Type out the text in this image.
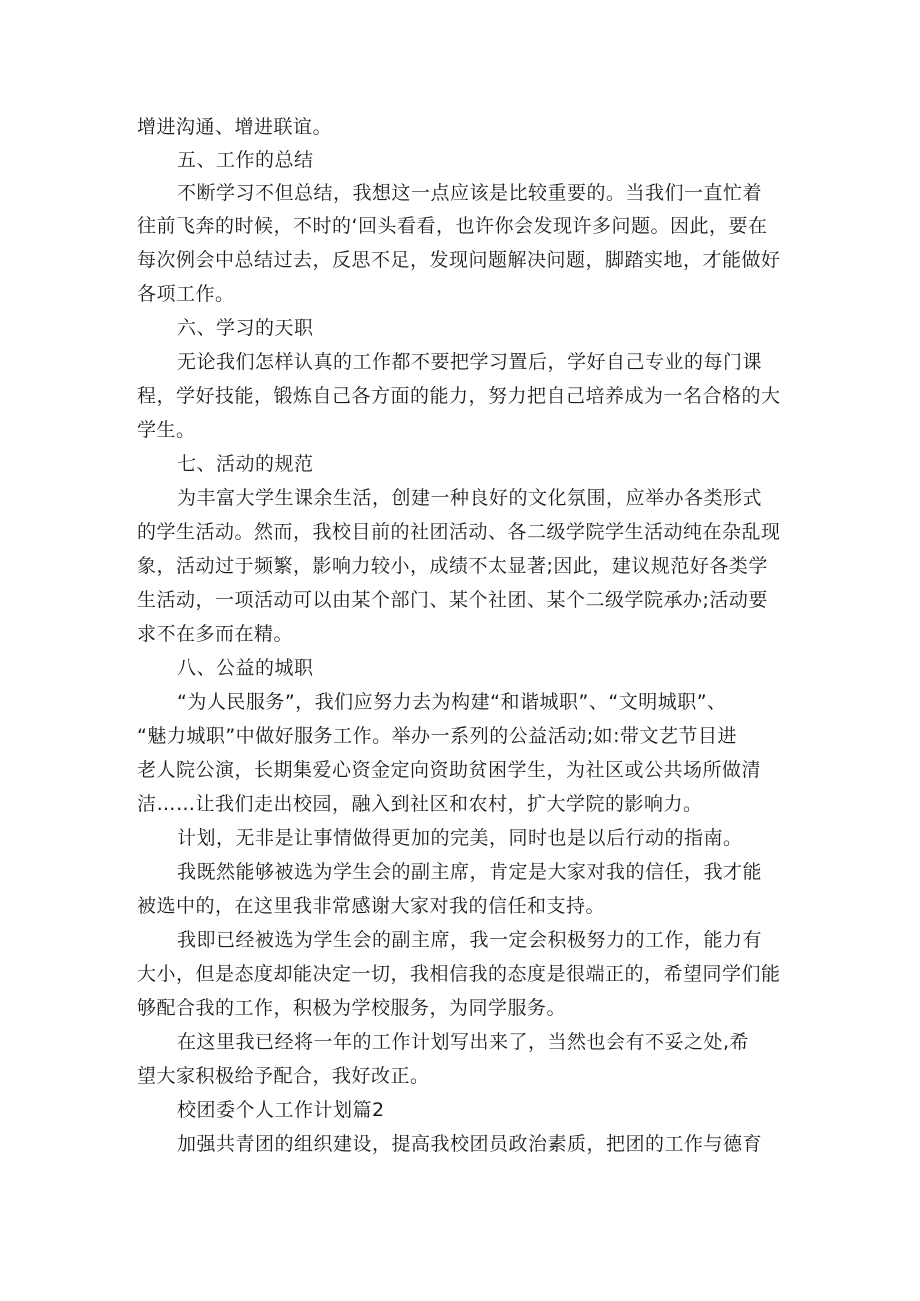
增进沟通、增进联谊。

五、工作的总结

不断学习不但总结，我想这一点应该是比较重要的。当我们一直忙着

往前飞奔的时候，不时的‘回头看看，也许你会发现许多问题。因此，要在

每次例会中总结过去，反思不足，发现问题解决问题，脚踏实地，才能做好

各项工作。

六、学习的天职

无论我们怎样认真的工作都不要把学习置后，学好自己专业的每门课

程，学好技能，锻炼自己各方面的能力，努力把自己培养成为一名合格的大

学生。

七、活动的规范

为丰富大学生课余生活，创建一种良好的文化氛围，应举办各类形式

的学生活动。然而，我校目前的社团活动、各二级学院学生活动纯在杂乱现

象，活动过于频繁，影响力较小，成绩不太显著;因此，建议规范好各类学

生活动，一项活动可以由某个部门、某个社团、某个二级学院承办;活动要

求不在多而在精。

八、公益的城职

“为人民服务”，我们应努力去为构建“和谐城职”、“文明城职”、

“魅力城职”中做好服务工作。举办一系列的公益活动;如:带文艺节目进

老人院公演，长期集爱心资金定向资助贫困学生，为社区或公共场所做清

洁……让我们走出校园，融入到社区和农村，扩大学院的影响力。

计划，无非是让事情做得更加的完美，同时也是以后行动的指南。

我既然能够被选为学生会的副主席，肯定是大家对我的信任，我才能

被选中的，在这里我非常感谢大家对我的信任和支持。

我即已经被选为学生会的副主席，我一定会积极努力的工作，能力有

大小，但是态度却能决定一切，我相信我的态度是很端正的，希望同学们能

够配合我的工作，积极为学校服务，为同学服务。

在这里我已经将一年的工作计划写出来了，当然也会有不妥之处,希

望大家积极给予配合，我好改正。

校团委个人工作计划篇2

加强共青团的组织建设，提高我校团员政治素质，把团的工作与德育
